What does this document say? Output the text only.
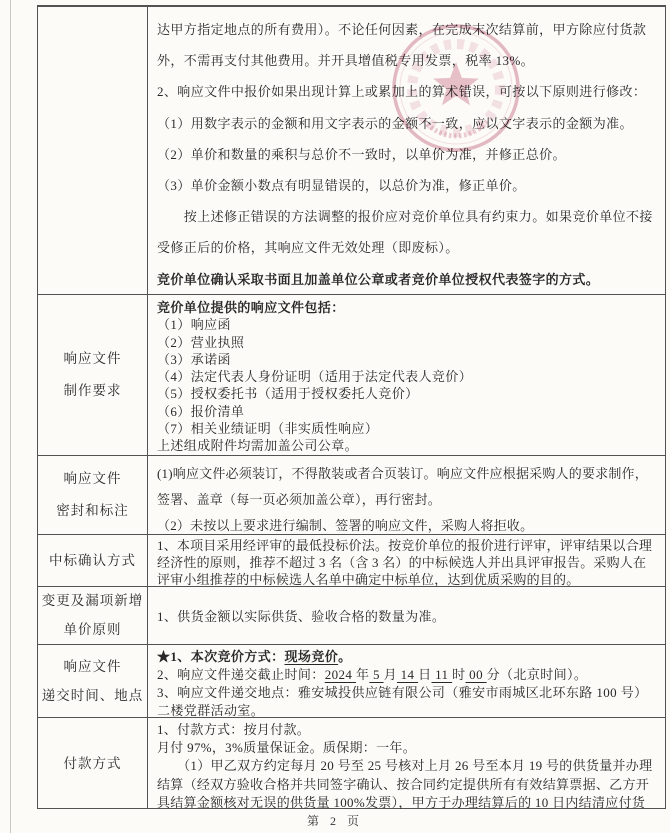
达甲方指定地点的所有费用）。不论任何因素，在完成末次结算前，甲方除应付货款
外，不需再支付其他费用。并开具增值税专用发票，税率 13%。
2、响应文件中报价如果出现计算上或累加上的算术错误，可按以下原则进行修改：
（1）用数字表示的金额和用文字表示的金额不一致，应以文字表示的金额为准。
（2）单价和数量的乘积与总价不一致时，以单价为准，并修正总价。
（3）单价金额小数点有明显错误的，以总价为准，修正单价。
　　按上述修正错误的方法调整的报价应对竞价单位具有约束力。如果竞价单位不接
受修正后的价格，其响应文件无效处理（即废标）。
竞价单位确认采取书面且加盖单位公章或者竞价单位授权代表签字的方式。
响应文件
制作要求
竞价单位提供的响应文件包括：
（1）响应函
（2）营业执照
（3）承诺函
（4）法定代表人身份证明（适用于法定代表人竞价）
（5）授权委托书（适用于授权委托人竞价）
（6）报价清单
（7）相关业绩证明（非实质性响应）
上述组成附件均需加盖公司公章。
响应文件
密封和标注
(1)响应文件必须装订，不得散装或者合页装订。响应文件应根据采购人的要求制作，
签署、盖章（每一页必须加盖公章），再行密封。
（2）未按以上要求进行编制、签署的响应文件，采购人将拒收。
中标确认方式
1、本项目采用经评审的最低投标价法。按竞价单位的报价进行评审，评审结果以合理
经济性的原则，推荐不超过 3 名（含 3 名）的中标候选人并出具评审报告。采购人在
评审小组推荐的中标候选人名单中确定中标单位，达到优质采购的目的。
变更及漏项新增
单价原则
1、供货金额以实际供货、验收合格的数量为准。
响应文件
递交时间、地点
★1、本次竞价方式：现场竞价。
2、响应文件递交截止时间：2024 年 5 月 14 日 11 时 00 分（北京时间）。
3、响应文件递交地点：雅安城投供应链有限公司（雅安市雨城区北环东路 100 号）
二楼党群活动室。
付款方式
1、付款方式：按月付款。
月付 97%，3%质量保证金。质保期：一年。
　　（1）甲乙双方约定每月 20 号至 25 号核对上月 26 号至本月 19 号的供货量并办理
结算（经双方验收合格并共同签字确认、按合同约定提供所有有效结算票据、乙方开
具结算金额核对无误的供货量 100%发票），甲方于办理结算后的 10 日内结清应付货
第 2 页
